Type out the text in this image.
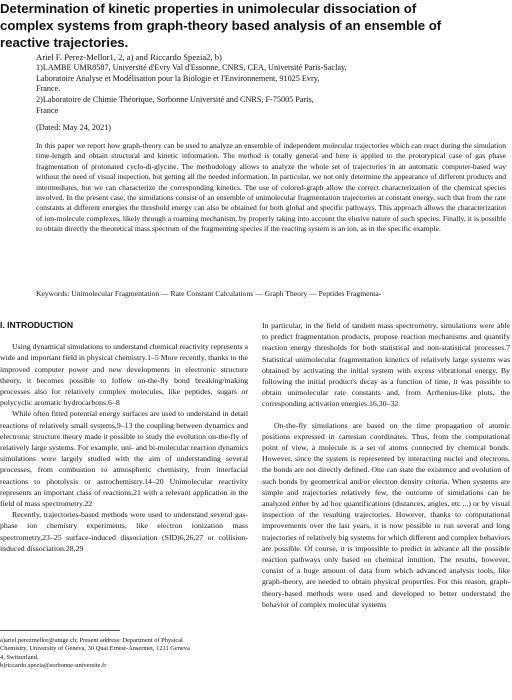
Determination of kinetic properties in unimolecular dissociation of
complex systems from graph-theory based analysis of an ensemble of
reactive trajectories.
Ariel F. Perez-Mellor1, 2, a) and Riccardo Spezia2, b)
1)LAMBE UMR8587, Université d'Evry Val d'Essonne, CNRS, CEA, Université Paris-Saclay,
Laboratoire Analyse et Modélisation pour la Biologie et l'Environnement, 91025 Evry,
France.
2)Laboratoire de Chimie Théorique, Sorbonne Université and CNRS, F-75005 Paris,
France
(Dated: May 24, 2021)

In this paper we report how graph-theory can be used to analyze an ensemble of independent molecular trajectories which can react during the simulation time-length and obtain structural and kinetic information. The method is totally general and here is applied to the prototypical case of gas phase fragmentation of protonated cyclo-di-glycine. The methodology allows to analyze the whole set of trajectories in an automatic computer-based way without the need of visual inspection, but getting all the needed information. In particular, we not only determine the appearance of different products and intermediates, but we can characterize the corresponding kinetics. The use of colored-graph allow the correct characterization of the chemical species involved. In the present case, the simulations consist of an ensemble of unimolecular fragmentation trajectories at constant energy, such that from the rate constants at different energies the threshold energy can also be obtained for both global and specific pathways. This approach allows the characterization of ion-molecule complexes, likely through a roaming mechanism, by properly taking into account the elusive nature of such species. Finally, it is possible to obtain directly the theoretical mass spectrum of the fragmenting species if the reacting system is an ion, as in the specific example.

Keywords: Unimolecular Fragmentation — Rate Constant Calculations — Graph Theory — Peptides Fragmenta-
I. INTRODUCTION

Using dynamical simulations to understand chemical reactivity represents a wide and important field in physical chemistry.1–5 More recently, thanks to the improved computer power and new developments in electronic structure theory, it becomes possible to follow on-the-fly bond breaking/making processes also for relatively complex molecules, like peptides, sugars or polycyclic aromatic hydrocarbons.6–8

While often fitted potential energy surfaces are used to understand in detail reactions of relatively small systems,9–13 the coupling between dynamics and electronic structure theory made it possible to study the evolution on-the-fly of relatively large systems. For example, uni- and bi-molecular reaction dynamics simulations were largely studied with the aim of understanding several processes, from combustion to atmospheric chemistry, from interfacial reactions to photolysis or astrochemistry.14–20 Unimolecular reactivity represents an important class of reactions,21 with a relevant application in the field of mass spectrometry.22

Recently, trajectories-based methods were used to understand several gas-phase ion chemistry experiments, like electron ionization mass spectrometry,23–25 surface-induced dissociation (SID)6,26,27 or collision-induced dissociation.28,29

In particular, in the field of tandem mass spectrometry, simulations were able to predict fragmentation products, propose reaction mechanisms and quantify reaction energy thresholds for both statistical and non-statistical processes.7 Statistical unimolecular fragmentation kinetics of relatively large systems was obtained by activating the initial system with excess vibrational energy. By following the initial product's decay as a function of time, it was possible to obtain unimolecular rate constants and, from Arrhenius-like plots, the corresponding activation energies.16,30–32

On-the-fly simulations are based on the time propagation of atomic positions expressed in cartesian coordinates. Thus, from the computational point of view, a molecule is a set of atoms connected by chemical bonds. However, since the system is represented by interacting nuclei and electrons, the bonds are not directly defined. One can state the existence and evolution of such bonds by geometrical and/or electron density criteria. When systems are simple and trajectories relatively few, the outcome of simulations can be analyzed either by ad hoc quantifications (distances, angles, etc ...) or by visual inspection of the resulting trajectories. However, thanks to computational improvements over the last years, it is now possible to run several and long trajectories of relatively big systems for which different and complex behaviors are possible. Of course, it is impossible to predict in advance all the possible reaction pathways only based on chemical intuition. The results, however, consist of a huge amount of data from which advanced analysis tools, like graph-theory, are needed to obtain physical properties. For this reason, graph-theory-based methods were used and developed to better understand the behavior of complex molecular systems

a)ariel.perezmellor@unige.ch; Present address: Department of Physical
Chemistry, University of Geneva, 30 Quai Ernest-Ansermet, 1211 Geneva
4, Switzerland.
b)riccardo.spezia@sorbonne-universite.fr
